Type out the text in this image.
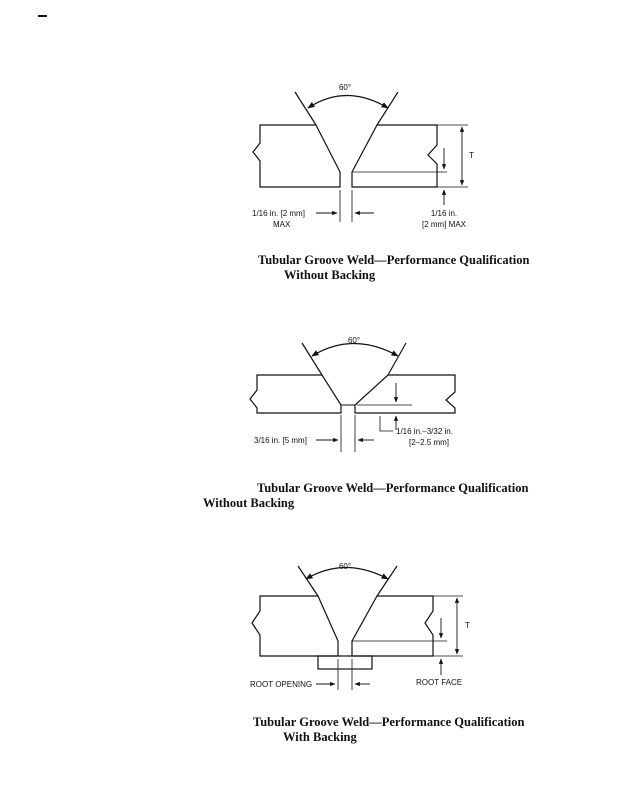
60°
T
1/16 in. [2 mm]
MAX
1/16 in.
[2 mm] MAX
60°
1/16 in.–3/32 in.
[2–2.5 mm]
3/16 in. [5 mm]
60°
T
ROOT OPENING	ROOT FACE
Tubular Groove Weld—Performance Qualification
Without Backing
Tubular Groove Weld—Performance Qualification
Without Backing
Tubular Groove Weld—Performance Qualification
With Backing
